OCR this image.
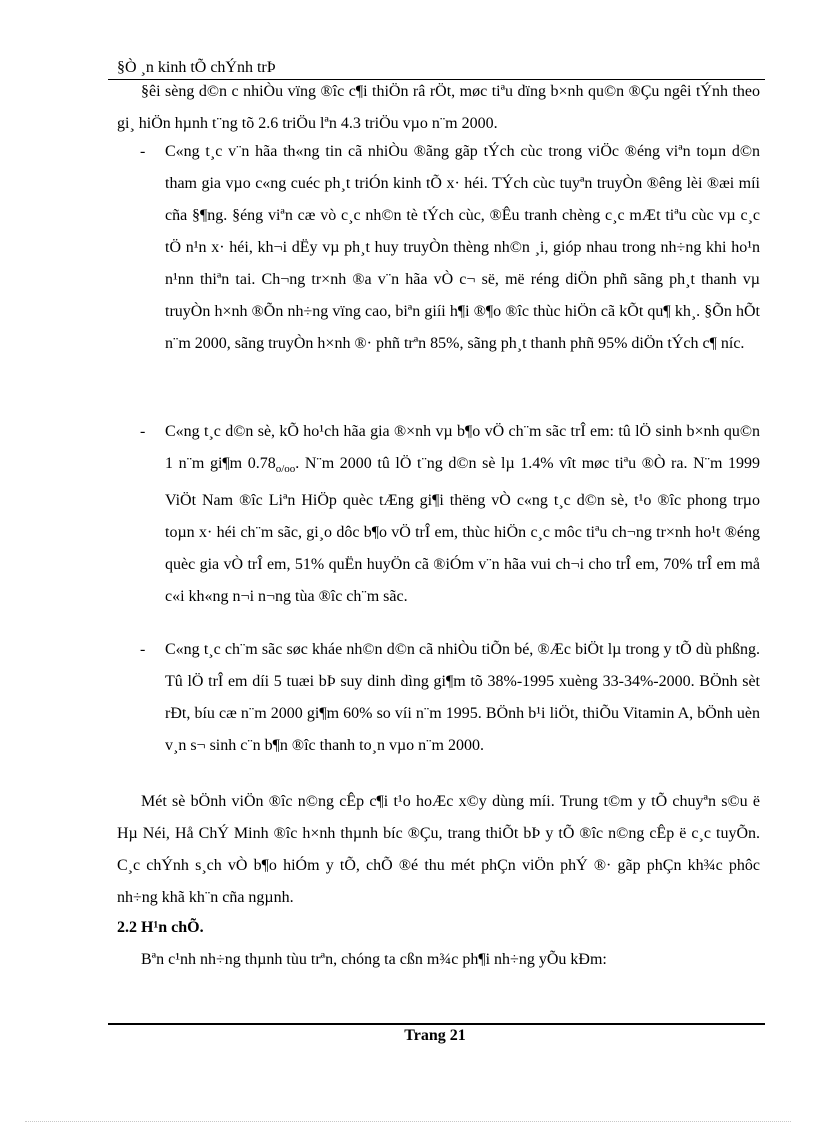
§Ò ¸n kinh tÕ chÝnh trÞ
§êi sèng d©n c nhiÒu vïng ®îc c¶i thiÖn râ rÖt, møc tiªu dïng b×nh qu©n ®Çu ngêi tÝnh theo gi¸ hiÖn hµnh t¨ng tõ 2.6 triÖu lªn 4.3 triÖu vµo n¨m 2000.
- C«ng t¸c v¨n hãa th«ng tin cã nhiÒu ®ãng gãp tÝch cùc trong viÖc ®éng viªn toµn d©n tham gia vµo c«ng cuéc ph¸t triÓn kinh tÕ x· héi. TÝch cùc tuyªn truyÒn ®êng lèi ®æi míi cña §¶ng. §éng viªn cæ vò c¸c nh©n tè tÝch cùc, ®Êu tranh chèng c¸c mÆt tiªu cùc vµ c¸c tÖ n¹n x· héi, kh¬i dËy vµ ph¸t huy truyÒn thèng nh©n ¸i, gióp nhau trong nh÷ng khi ho¹n n¹nn thiªn tai. Ch¬ng tr×nh ®a v¨n hãa vÒ c¬ së, më réng diÖn phñ sãng ph¸t thanh vµ truyÒn h×nh ®Õn nh÷ng vïng cao, biªn giíi h¶i ®¶o ®îc thùc hiÖn cã kÕt qu¶ kh¸. §Õn hÕt n¨m 2000, sãng truyÒn h×nh ®· phñ trªn 85%, sãng ph¸t thanh phñ 95% diÖn tÝch c¶ níc.
- C«ng t¸c d©n sè, kÕ ho¹ch hãa gia ®×nh vµ b¶o vÖ ch¨m sãc trÎ em: tû lÖ sinh b×nh qu©n 1 n¨m gi¶m $0.78_{o/oo}$. N¨m 2000 tû lÖ t¨ng d©n sè lµ 1.4% vît møc tiªu ®Ò ra. N¨m 1999 ViÖt Nam ®îc Liªn HiÖp quèc tÆng gi¶i thëng vÒ c«ng t¸c d©n sè, t¹o ®îc phong trµo toµn x· héi ch¨m sãc, gi¸o dôc b¶o vÖ trÎ em, thùc hiÖn c¸c môc tiªu ch¬ng tr×nh ho¹t ®éng quèc gia vÒ trÎ em, 51% quËn huyÖn cã ®iÓm v¨n hãa vui ch¬i cho trÎ em, 70% trÎ em må c«i kh«ng n¬i n¬ng tùa ®îc ch¨m sãc.
- C«ng t¸c ch¨m sãc søc kháe nh©n d©n cã nhiÒu tiÕn bé, ®Æc biÖt lµ trong y tÕ dù phßng. Tû lÖ trÎ em díi 5 tuæi bÞ suy dinh dìng gi¶m tõ 38%-1995 xuèng 33-34%-2000. BÖnh sèt rÐt, bíu cæ n¨m 2000 gi¶m 60% so víi n¨m 1995. BÖnh b¹i liÖt, thiÕu Vitamin A, bÖnh uèn v¸n s¬ sinh c¨n b¶n ®îc thanh to¸n vµo n¨m 2000.
Mét sè bÖnh viÖn ®îc n©ng cÊp c¶i t¹o hoÆc x©y dùng míi. Trung t©m y tÕ chuyªn s©u ë Hµ Néi, Hå ChÝ Minh ®îc h×nh thµnh bíc ®Çu, trang thiÕt bÞ y tÕ ®îc n©ng cÊp ë c¸c tuyÕn. C¸c chÝnh s¸ch vÒ b¶o hiÓm y tÕ, chÕ ®é thu mét phÇn viÖn phÝ ®· gãp phÇn kh¾c phôc nh÷ng khã kh¨n cña ngµnh.
2.2 H¹n chÕ.
Bªn c¹nh nh÷ng thµnh tùu trªn, chóng ta cßn m¾c ph¶i nh÷ng yÕu kÐm:
Trang 21
